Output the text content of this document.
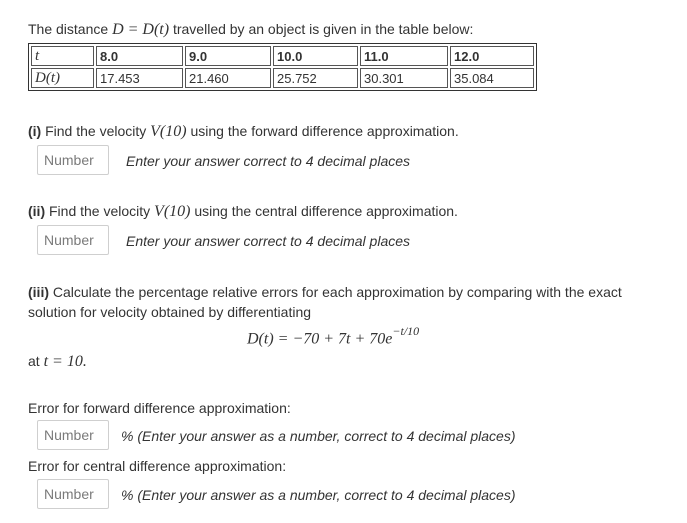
The distance D = D(t) travelled by an object is given in the table below:
t	8.0	9.0	10.0	11.0	12.0
D(t)	17.453	21.460	25.752	30.301	35.084
(i) Find the velocity V(10) using the forward difference approximation.
Number
Enter your answer correct to 4 decimal places
(ii) Find the velocity V(10) using the central difference approximation.
Number
Enter your answer correct to 4 decimal places
(iii) Calculate the percentage relative errors for each approximation by comparing with the exact
solution for velocity obtained by differentiating
$D(t) = -70 + 7t + 70e^{-t/10}$
at t = 10.
Error for forward difference approximation:
Number
% (Enter your answer as a number, correct to 4 decimal places)
Error for central difference approximation:
Number
% (Enter your answer as a number, correct to 4 decimal places)
